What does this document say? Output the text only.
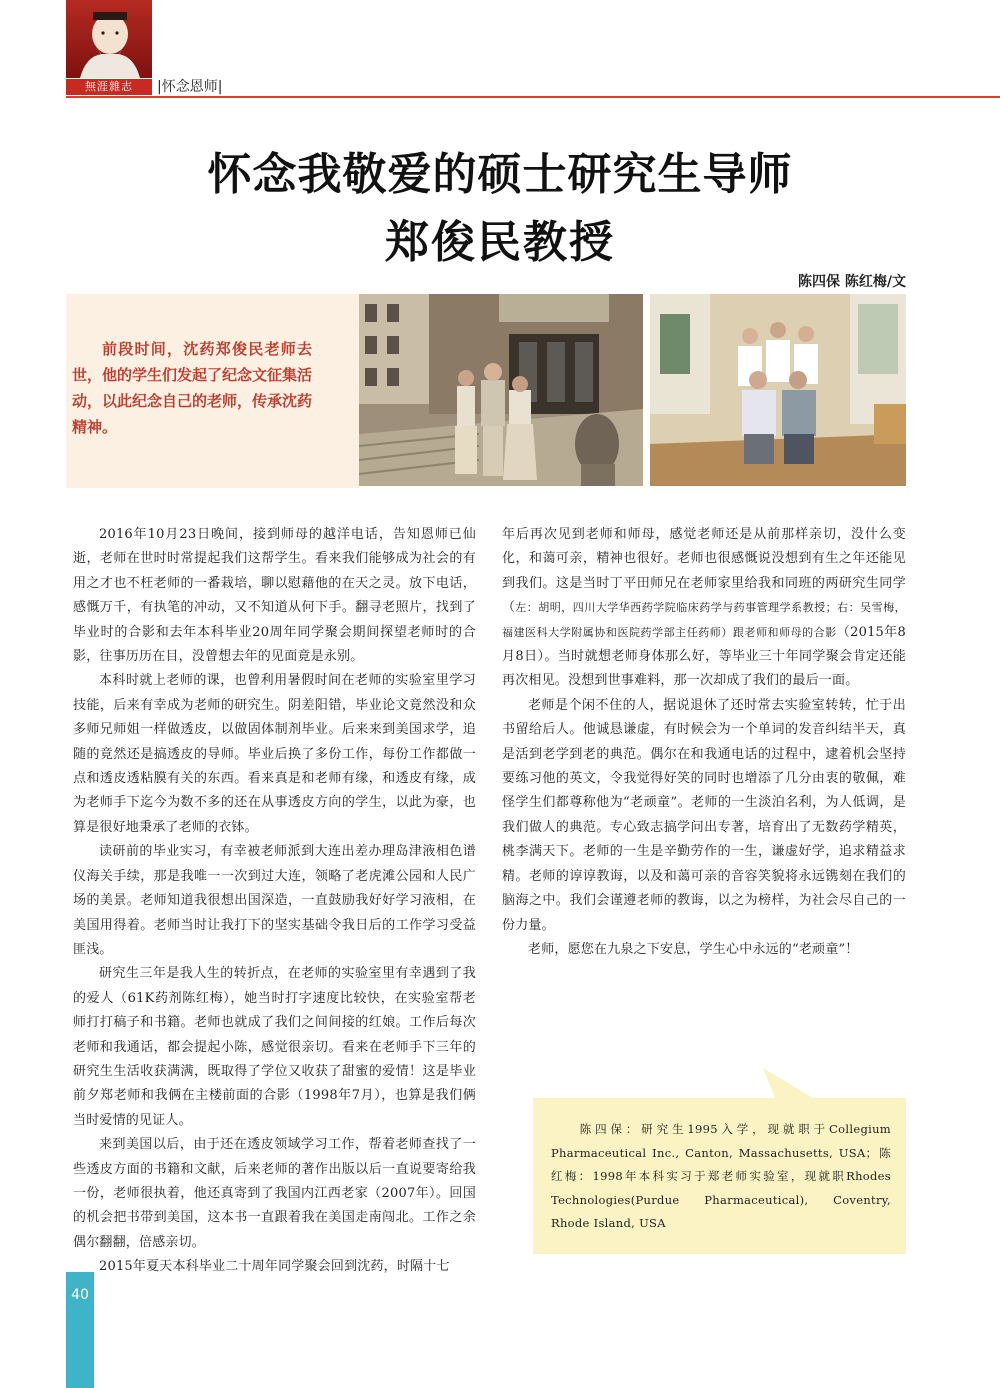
無涯雜志	|怀念恩师|
怀念我敬爱的硕士研究生导师
郑俊民教授
陈四保 陈红梅/文
前段时间，沈药郑俊民老师去世，他的学生们发起了纪念文征集活动，以此纪念自己的老师，传承沈药精神。

2016年10月23日晚间，接到师母的越洋电话，告知恩师已仙逝，老师在世时时常提起我们这帮学生。看来我们能够成为社会的有用之才也不枉老师的一番栽培，聊以慰藉他的在天之灵。放下电话，感慨万千，有执笔的冲动，又不知道从何下手。翻寻老照片，找到了毕业时的合影和去年本科毕业20周年同学聚会期间探望老师时的合影，往事历历在目，没曾想去年的见面竟是永别。

本科时就上老师的课，也曾利用暑假时间在老师的实验室里学习技能，后来有幸成为老师的研究生。阴差阳错，毕业论文竟然没和众多师兄师姐一样做透皮，以做固体制剂毕业。后来来到美国求学，追随的竟然还是搞透皮的导师。毕业后换了多份工作，每份工作都做一点和透皮透粘膜有关的东西。看来真是和老师有缘，和透皮有缘，成为老师手下迄今为数不多的还在从事透皮方向的学生，以此为豪，也算是很好地秉承了老师的衣钵。

读研前的毕业实习，有幸被老师派到大连出差办理岛津液相色谱仪海关手续，那是我唯一一次到过大连，领略了老虎滩公园和人民广场的美景。老师知道我很想出国深造，一直鼓励我好好学习液相，在美国用得着。老师当时让我打下的坚实基础令我日后的工作学习受益匪浅。

研究生三年是我人生的转折点，在老师的实验室里有幸遇到了我的爱人（61K药剂陈红梅），她当时打字速度比较快，在实验室帮老师打打稿子和书籍。老师也就成了我们之间间接的红娘。工作后每次老师和我通话，都会提起小陈，感觉很亲切。看来在老师手下三年的研究生生活收获满满，既取得了学位又收获了甜蜜的爱情！这是毕业前夕郑老师和我俩在主楼前面的合影（1998年7月），也算是我们俩当时爱情的见证人。

来到美国以后，由于还在透皮领域学习工作，帮着老师查找了一些透皮方面的书籍和文献，后来老师的著作出版以后一直说要寄给我一份，老师很执着，他还真寄到了我国内江西老家（2007年）。回国的机会把书带到美国，这本书一直跟着我在美国走南闯北。工作之余偶尔翻翻，倍感亲切。

2015年夏天本科毕业二十周年同学聚会回到沈药，时隔十七

年后再次见到老师和师母，感觉老师还是从前那样亲切，没什么变化，和蔼可亲，精神也很好。老师也很感慨说没想到有生之年还能见到我们。这是当时丁平田师兄在老师家里给我和同班的两研究生同学（左：胡明，四川大学华西药学院临床药学与药事管理学系教授；右：吴雪梅，福建医科大学附属协和医院药学部主任药师）跟老师和师母的合影（2015年8月8日）。当时就想老师身体那么好，等毕业三十年同学聚会肯定还能再次相见。没想到世事难料，那一次却成了我们的最后一面。

老师是个闲不住的人，据说退休了还时常去实验室转转，忙于出书留给后人。他诚恳谦虚，有时候会为一个单词的发音纠结半天，真是活到老学到老的典范。偶尔在和我通电话的过程中，逮着机会坚持要练习他的英文，令我觉得好笑的同时也增添了几分由衷的敬佩，难怪学生们都尊称他为“老顽童”。老师的一生淡泊名利，为人低调，是我们做人的典范。专心致志搞学问出专著，培育出了无数药学精英，桃李满天下。老师的一生是辛勤劳作的一生，谦虚好学，追求精益求精。老师的谆谆教诲，以及和蔼可亲的音容笑貌将永远镌刻在我们的脑海之中。我们会谨遵老师的教诲，以之为榜样，为社会尽自己的一份力量。

老师，愿您在九泉之下安息，学生心中永远的“老顽童”！

陈四保：研究生1995入学，现就职于Collegium Pharmaceutical Inc., Canton, Massachusetts, USA；陈红梅：1998年本科实习于郑老师实验室，现就职Rhodes Technologies(Purdue Pharmaceutical), Coventry, Rhode Island, USA
40
